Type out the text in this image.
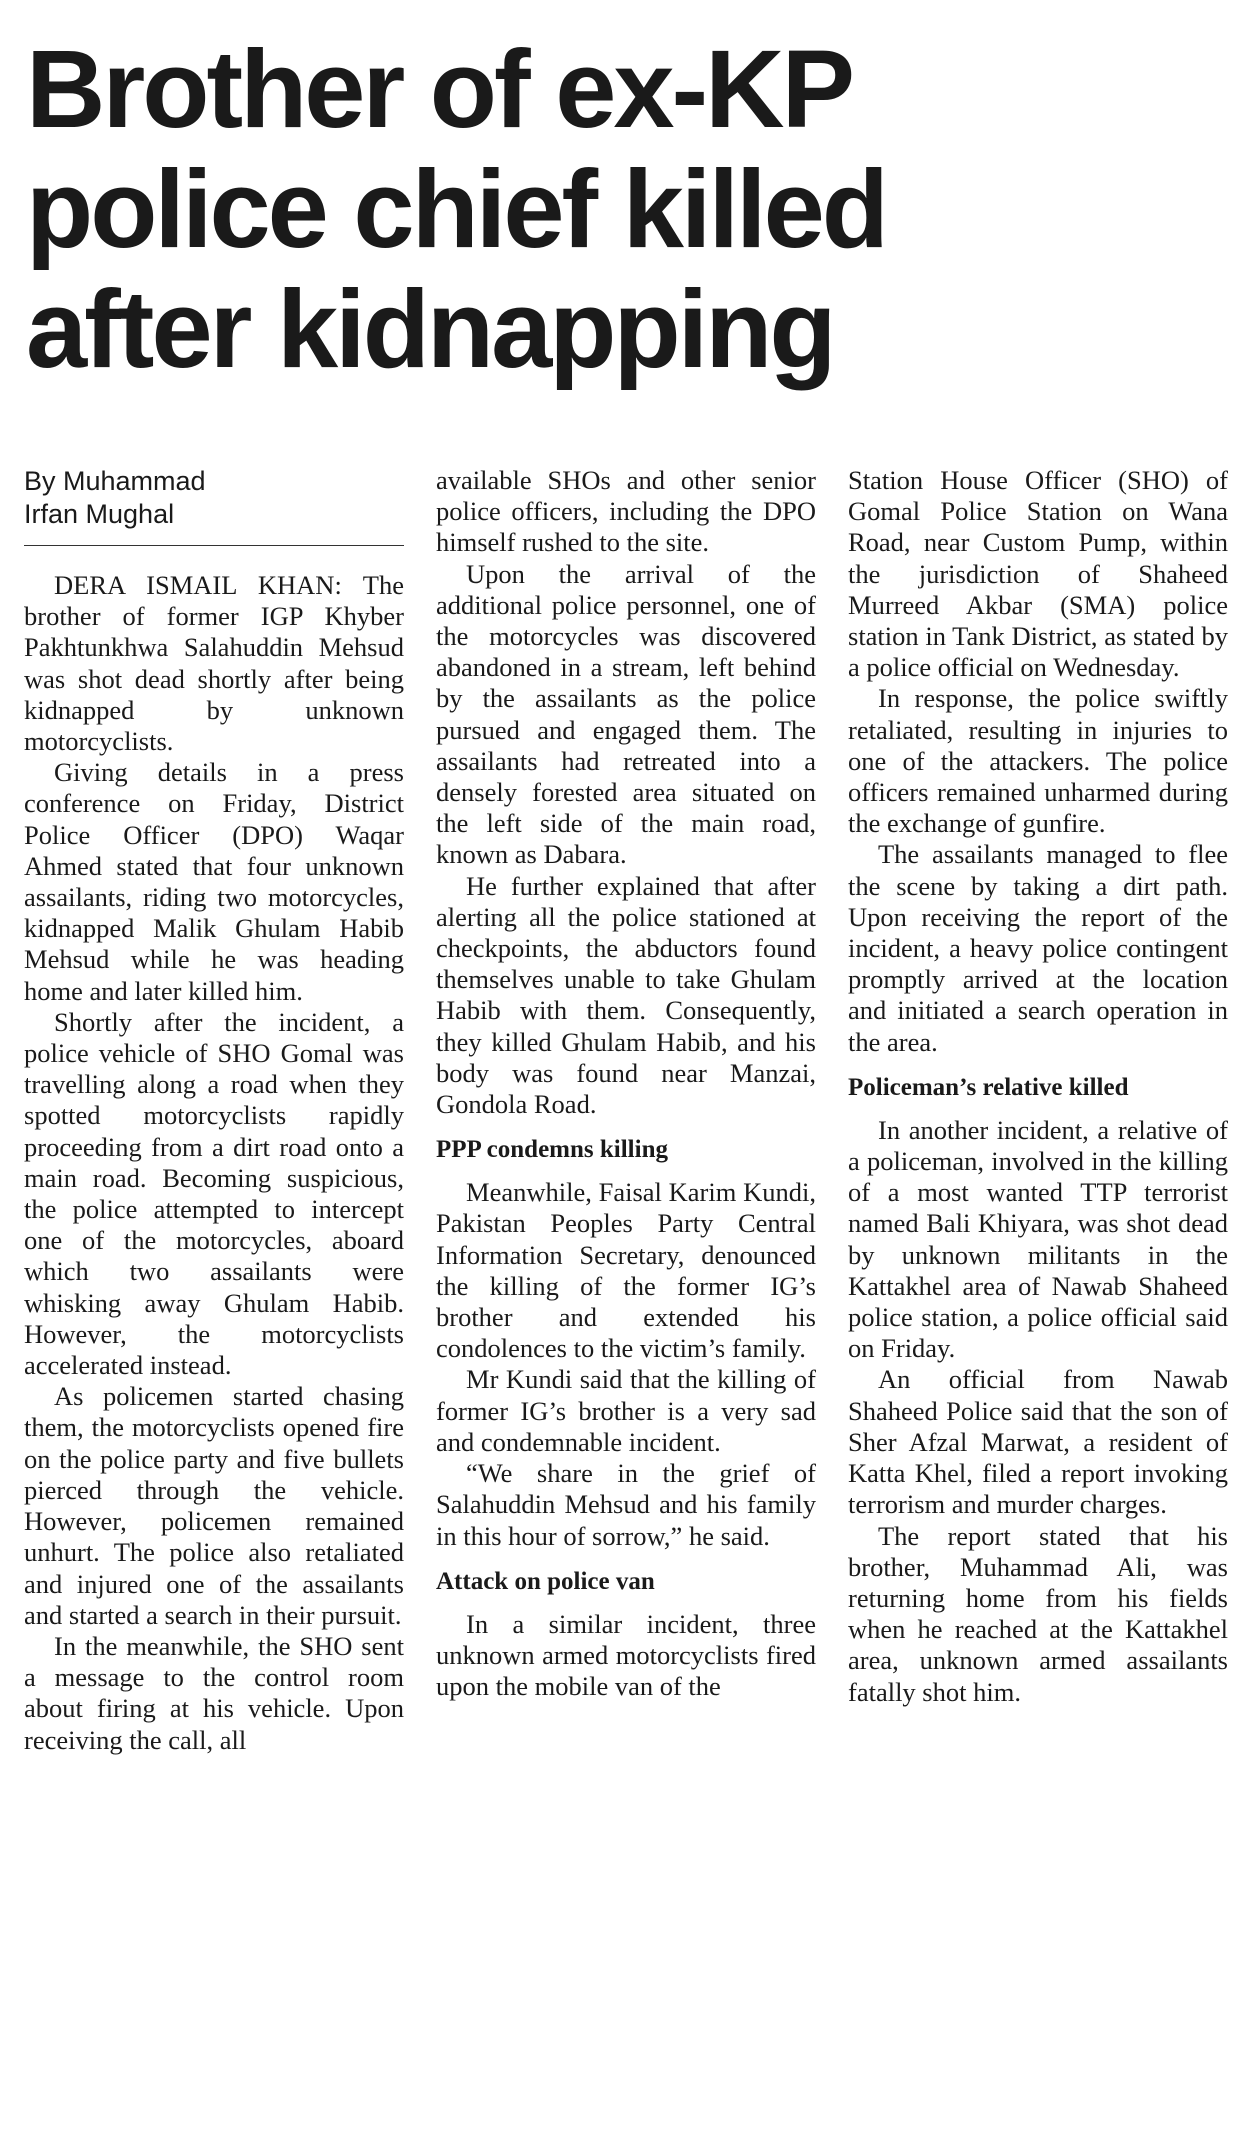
Brother of ex-KP
police chief killed
after kidnapping
By Muhammad
Irfan Mughal

DERA ISMAIL KHAN: The brother of former IGP Khyber Pakhtunkhwa Salahuddin Mehsud was shot dead shortly after being kidnapped by unknown motorcyclists.

Giving details in a press conference on Friday, District Police Officer (DPO) Waqar Ahmed stated that four unknown assailants, riding two motorcycles, kidnapped Malik Ghulam Habib Mehsud while he was heading home and later killed him.

Shortly after the incident, a police vehicle of SHO Gomal was travelling along a road when they spotted motorcyclists rapidly proceeding from a dirt road onto a main road. Becoming suspicious, the police attempted to intercept one of the motorcycles, aboard which two assailants were whisking away Ghulam Habib. However, the motorcyclists accelerated instead.

As policemen started chasing them, the motorcyclists opened fire on the police party and five bullets pierced through the vehicle. However, policemen remained unhurt. The police also retaliated and injured one of the assailants and started a search in their pursuit.

In the meanwhile, the SHO sent a message to the control room about firing at his vehicle. Upon receiving the call, all

available SHOs and other senior police officers, including the DPO himself rushed to the site.

Upon the arrival of the additional police personnel, one of the motorcycles was discovered abandoned in a stream, left behind by the assailants as the police pursued and engaged them. The assailants had retreated into a densely forested area situated on the left side of the main road, known as Dabara.

He further explained that after alerting all the police stationed at checkpoints, the abductors found themselves unable to take Ghulam Habib with them. Consequently, they killed Ghulam Habib, and his body was found near Manzai, Gondola Road.

PPP condemns killing

Meanwhile, Faisal Karim Kundi, Pakistan Peoples Party Central Information Secretary, denounced the killing of the former IG’s brother and extended his condolences to the victim’s family.

Mr Kundi said that the killing of former IG’s brother is a very sad and condemnable incident.

“We share in the grief of Salahuddin Mehsud and his family in this hour of sorrow,” he said.

Attack on police van

In a similar incident, three unknown armed motorcyclists fired upon the mobile van of the

Station House Officer (SHO) of Gomal Police Station on Wana Road, near Custom Pump, within the jurisdiction of Shaheed Murreed Akbar (SMA) police station in Tank District, as stated by a police official on Wednesday.

In response, the police swiftly retaliated, resulting in injuries to one of the attackers. The police officers remained unharmed during the exchange of gunfire.

The assailants managed to flee the scene by taking a dirt path. Upon receiving the report of the incident, a heavy police contingent promptly arrived at the location and initiated a search operation in the area.

Policeman’s relative killed

In another incident, a relative of a policeman, involved in the killing of a most wanted TTP terrorist named Bali Khiyara, was shot dead by unknown militants in the Kattakhel area of Nawab Shaheed police station, a police official said on Friday.

An official from Nawab Shaheed Police said that the son of Sher Afzal Marwat, a resident of Katta Khel, filed a report invoking terrorism and murder charges.

The report stated that his brother, Muhammad Ali, was returning home from his fields when he reached at the Kattakhel area, unknown armed assailants fatally shot him.
